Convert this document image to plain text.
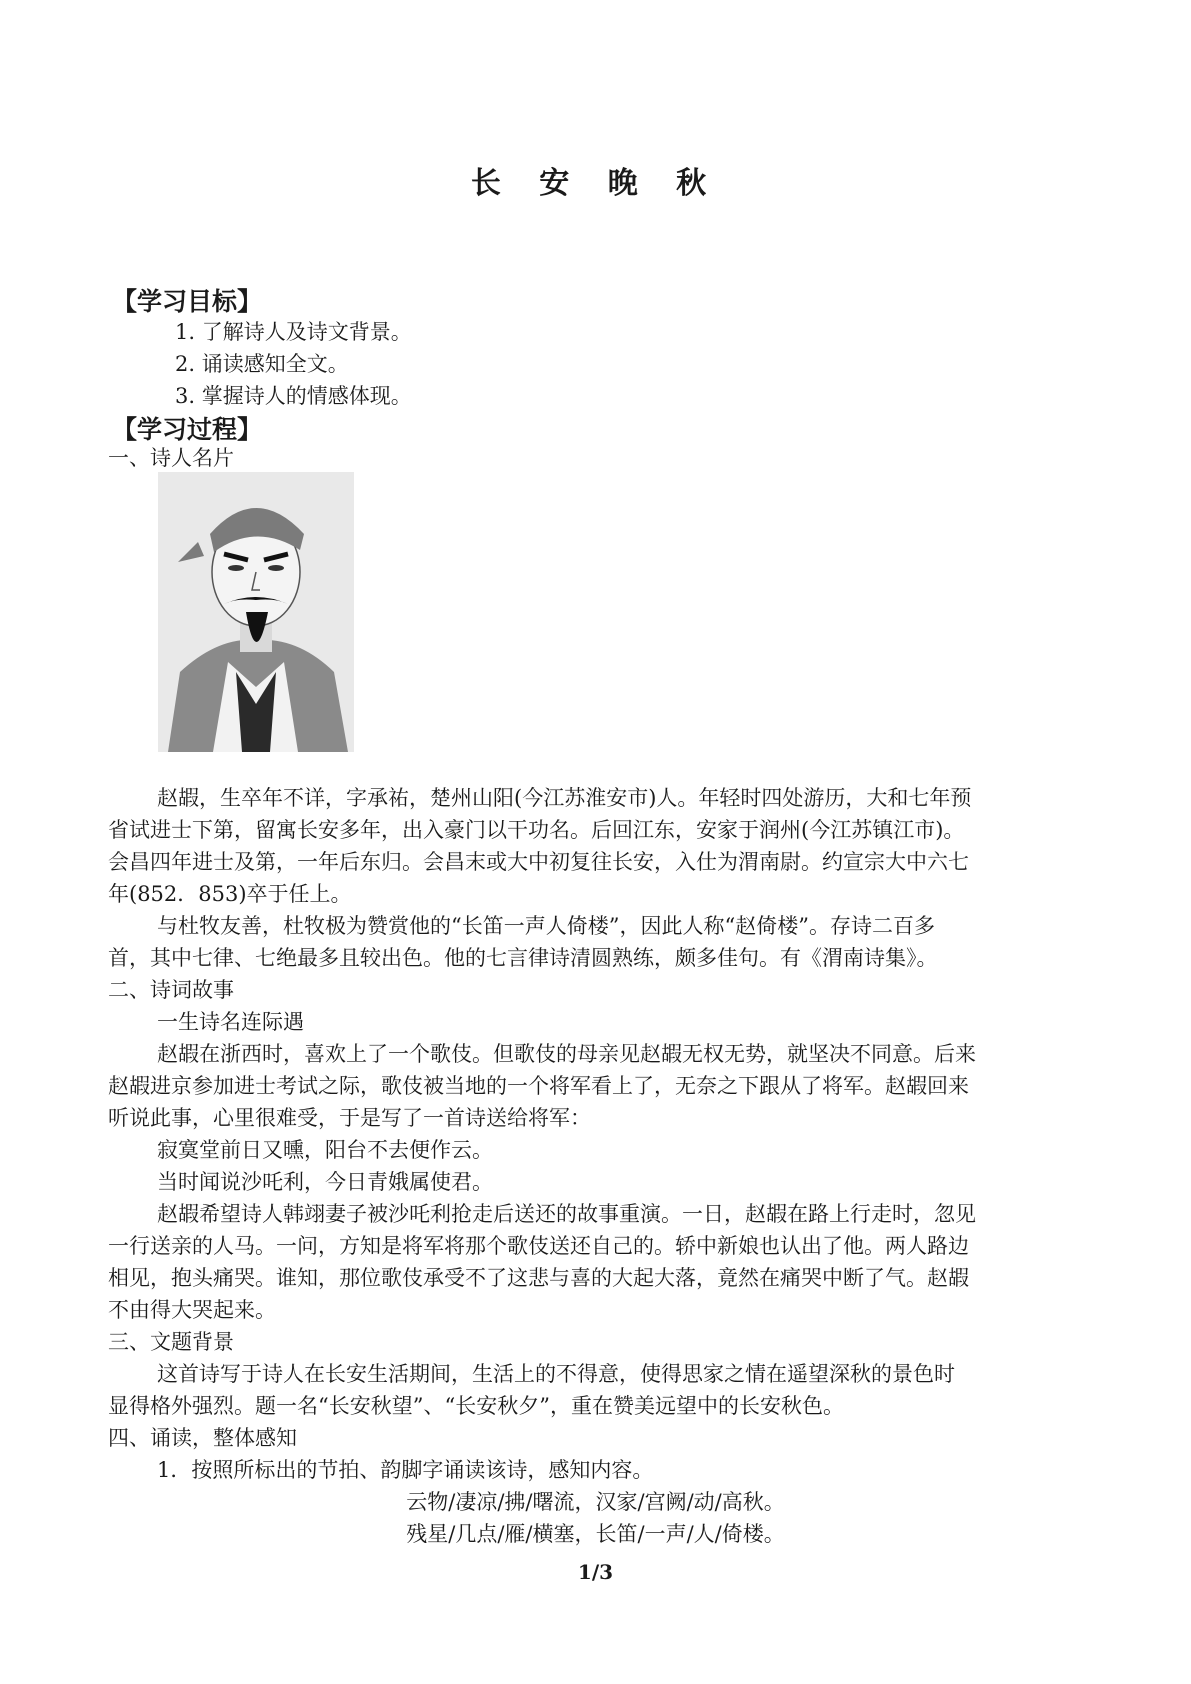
长 安 晚 秋
【学习目标】
1. 了解诗人及诗文背景。
2. 诵读感知全文。
3. 掌握诗人的情感体现。
【学习过程】
一、诗人名片
赵嘏，生卒年不详，字承祐，楚州山阳(今江苏淮安市)人。年轻时四处游历，大和七年预
省试进士下第，留寓长安多年，出入豪门以干功名。后回江东，安家于润州(今江苏镇江市)。
会昌四年进士及第，一年后东归。会昌末或大中初复往长安，入仕为渭南尉。约宣宗大中六七
年(852．853)卒于任上。
与杜牧友善，杜牧极为赞赏他的“长笛一声人倚楼”，因此人称“赵倚楼”。存诗二百多
首，其中七律、七绝最多且较出色。他的七言律诗清圆熟练，颇多佳句。有《渭南诗集》。
二、诗词故事
一生诗名连际遇
赵嘏在浙西时，喜欢上了一个歌伎。但歌伎的母亲见赵嘏无权无势，就坚决不同意。后来
赵嘏进京参加进士考试之际，歌伎被当地的一个将军看上了，无奈之下跟从了将军。赵嘏回来
听说此事，心里很难受，于是写了一首诗送给将军：
寂寞堂前日又曛，阳台不去便作云。
当时闻说沙吒利，今日青娥属使君。
赵嘏希望诗人韩翊妻子被沙吒利抢走后送还的故事重演。一日，赵嘏在路上行走时，忽见
一行送亲的人马。一问，方知是将军将那个歌伎送还自己的。轿中新娘也认出了他。两人路边
相见，抱头痛哭。谁知，那位歌伎承受不了这悲与喜的大起大落，竟然在痛哭中断了气。赵嘏
不由得大哭起来。
三、文题背景
这首诗写于诗人在长安生活期间，生活上的不得意，使得思家之情在遥望深秋的景色时
显得格外强烈。题一名“长安秋望”、“长安秋夕”，重在赞美远望中的长安秋色。
四、诵读，整体感知
1．按照所标出的节拍、韵脚字诵读该诗，感知内容。
云物/凄凉/拂/曙流，汉家/宫阙/动/高秋。
残星/几点/雁/横塞，长笛/一声/人/倚楼。
1/3
